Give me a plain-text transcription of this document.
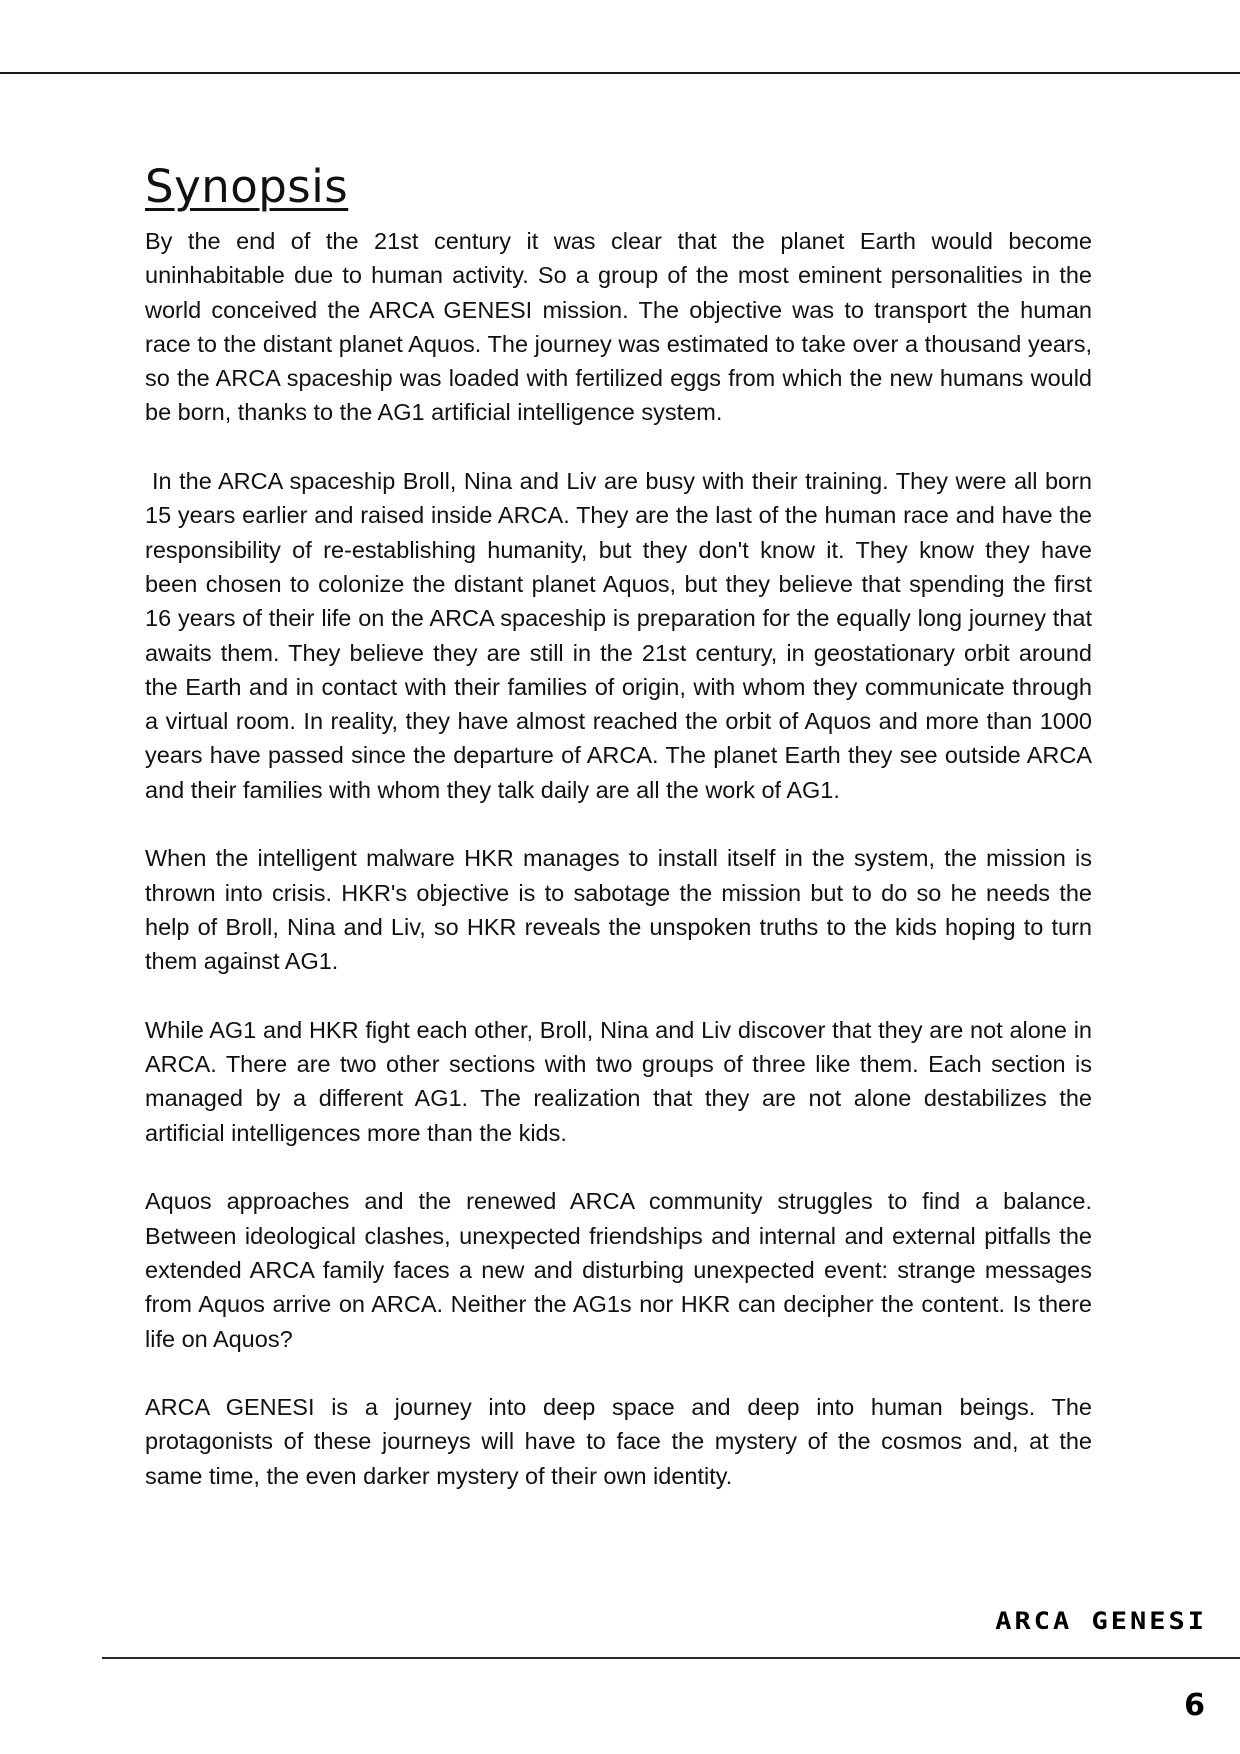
Synopsis

By the end of the 21st century it was clear that the planet Earth would become uninhabitable due to human activity. So a group of the most eminent personalities in the world conceived the ARCA GENESI mission. The objective was to transport the human race to the distant planet Aquos. The journey was estimated to take over a thousand years, so the ARCA spaceship was loaded with fertilized eggs from which the new humans would be born, thanks to the AG1 artificial intelligence system.

In the ARCA spaceship Broll, Nina and Liv are busy with their training. They were all born 15 years earlier and raised inside ARCA. They are the last of the human race and have the responsibility of re-establishing humanity, but they don't know it. They know they have been chosen to colonize the distant planet Aquos, but they believe that spending the first 16 years of their life on the ARCA spaceship is preparation for the equally long journey that awaits them. They believe they are still in the 21st century, in geostationary orbit around the Earth and in contact with their families of origin, with whom they communicate through a virtual room. In reality, they have almost reached the orbit of Aquos and more than 1000 years have passed since the departure of ARCA. The planet Earth they see outside ARCA and their families with whom they talk daily are all the work of AG1.

When the intelligent malware HKR manages to install itself in the system, the mission is thrown into crisis. HKR's objective is to sabotage the mission but to do so he needs the help of Broll, Nina and Liv, so HKR reveals the unspoken truths to the kids hoping to turn them against AG1.

While AG1 and HKR fight each other, Broll, Nina and Liv discover that they are not alone in ARCA. There are two other sections with two groups of three like them. Each section is managed by a different AG1. The realization that they are not alone destabilizes the artificial intelligences more than the kids.

Aquos approaches and the renewed ARCA community struggles to find a balance. Between ideological clashes, unexpected friendships and internal and external pitfalls the extended ARCA family faces a new and disturbing unexpected event: strange messages from Aquos arrive on ARCA. Neither the AG1s nor HKR can decipher the content. Is there life on Aquos?

ARCA GENESI is a journey into deep space and deep into human beings. The protagonists of these journeys will have to face the mystery of the cosmos and, at the same time, the even darker mystery of their own identity.

ARCA GENESI
6
